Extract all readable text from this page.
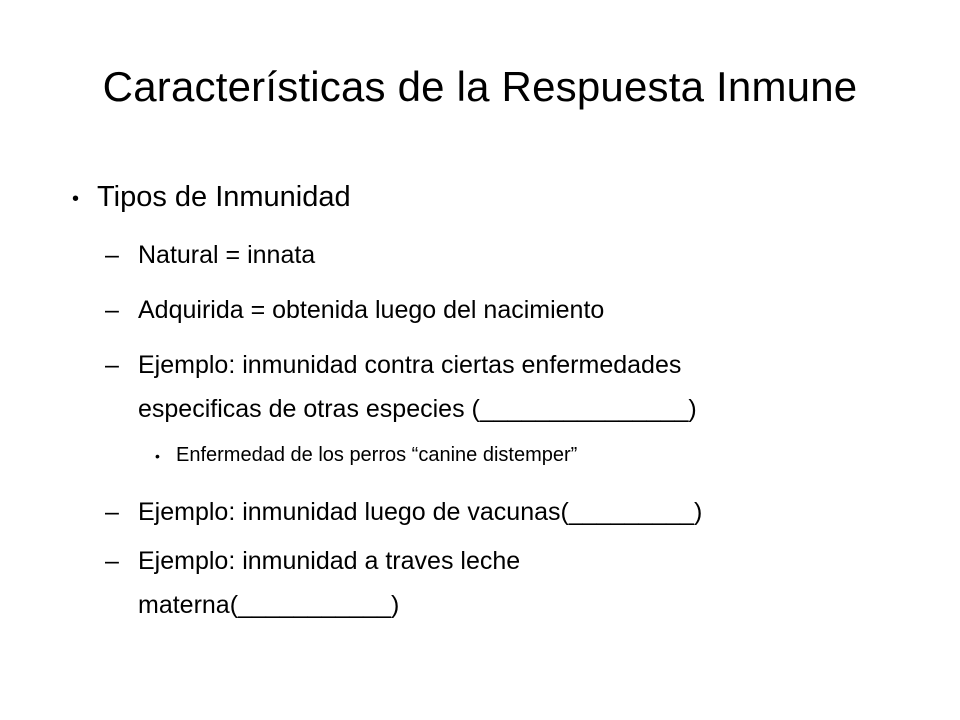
Características de la Respuesta Inmune
• Tipos de Inmunidad
– Natural = innata
– Adquirida = obtenida luego del nacimiento
– Ejemplo: inmunidad contra ciertas enfermedades
especificas de otras especies (_______________)
• Enfermedad de los perros “canine distemper”
– Ejemplo: inmunidad luego de vacunas(_________)
– Ejemplo: inmunidad a traves leche
materna(___________)
